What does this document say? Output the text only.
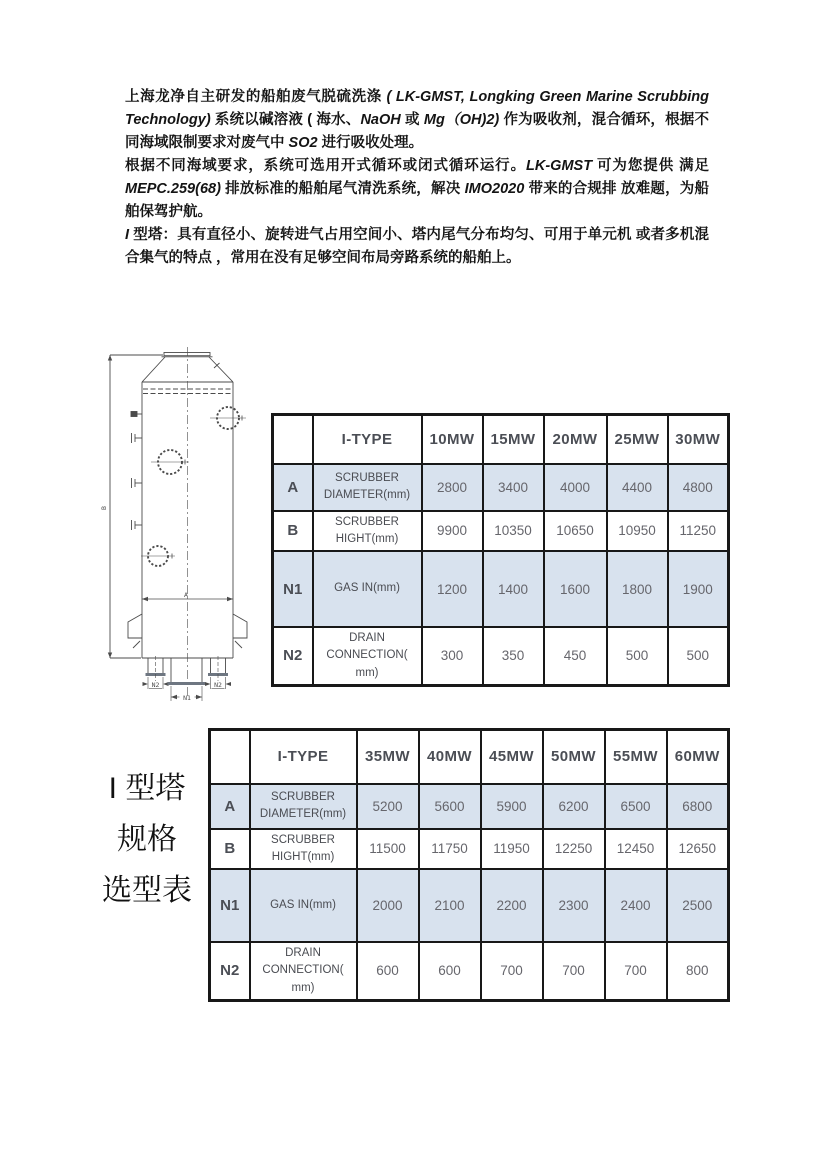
上海龙净自主研发的船舶废气脱硫洗涤 ( LK-GMST, Longking Green Marine Scrubbing Technology) 系统以碱溶液 ( 海水、NaOH 或 Mg（OH)2) 作为吸收剂，混合循环，根据不同海域限制要求对废气中 SO2 进行吸收处理。

根据不同海域要求，系统可选用开式循环或闭式循环运行。LK-GMST 可为您提供 满足 MEPC.259(68) 排放标准的船舶尾气清洗系统，解决 IMO2020 带来的合规排 放难题，为船舶保驾护航。

I 型塔：具有直径小、旋转进气占用空间小、塔内尾气分布均匀、可用于单元机 或者多机混合集气的特点 ，常用在没有足够空间布局旁路系统的船舶上。

B
A
N2
N1
N2
I 型塔
规格
选型表
	I-TYPE	10MW	15MW	20MW	25MW	30MW
A	SCRUBBER DIAMETER(mm)	2800	3400	4000	4400	4800
B	SCRUBBER HIGHT(mm)	9900	10350	10650	10950	11250
N1	GAS IN(mm)	1200	1400	1600	1800	1900
N2	DRAIN CONNECTION( mm)	300	350	450	500	500
	I-TYPE	35MW	40MW	45MW	50MW	55MW	60MW
A	SCRUBBER DIAMETER(mm)	5200	5600	5900	6200	6500	6800
B	SCRUBBER HIGHT(mm)	11500	11750	11950	12250	12450	12650
N1	GAS IN(mm)	2000	2100	2200	2300	2400	2500
N2	DRAIN CONNECTION( mm)	600	600	700	700	700	800
